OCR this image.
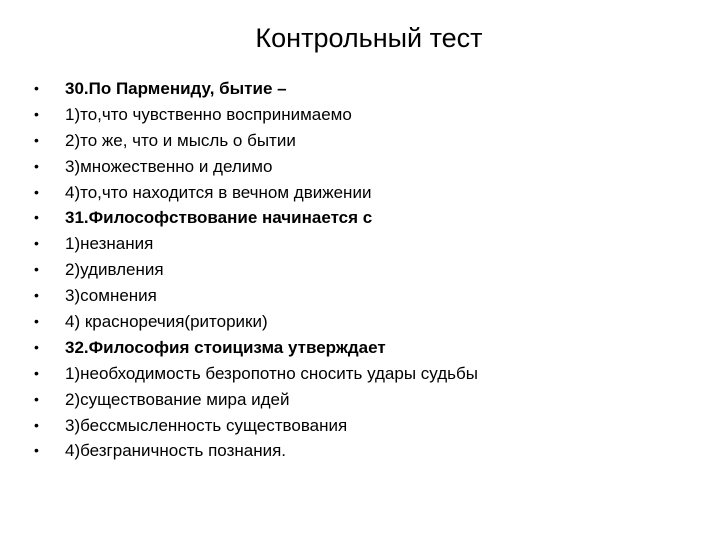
Контрольный тест
• 30.По Пармениду, бытие –
• 1)то,что чувственно воспринимаемо
• 2)то же, что и мысль о бытии
• 3)множественно и делимо
• 4)то,что находится в вечном движении
• 31.Философствование начинается с
• 1)незнания
• 2)удивления
• 3)сомнения
• 4) красноречия(риторики)
• 32.Философия стоицизма утверждает
• 1)необходимость безропотно сносить удары судьбы
• 2)существование мира идей
• 3)бессмысленность существования
• 4)безграничность познания.
